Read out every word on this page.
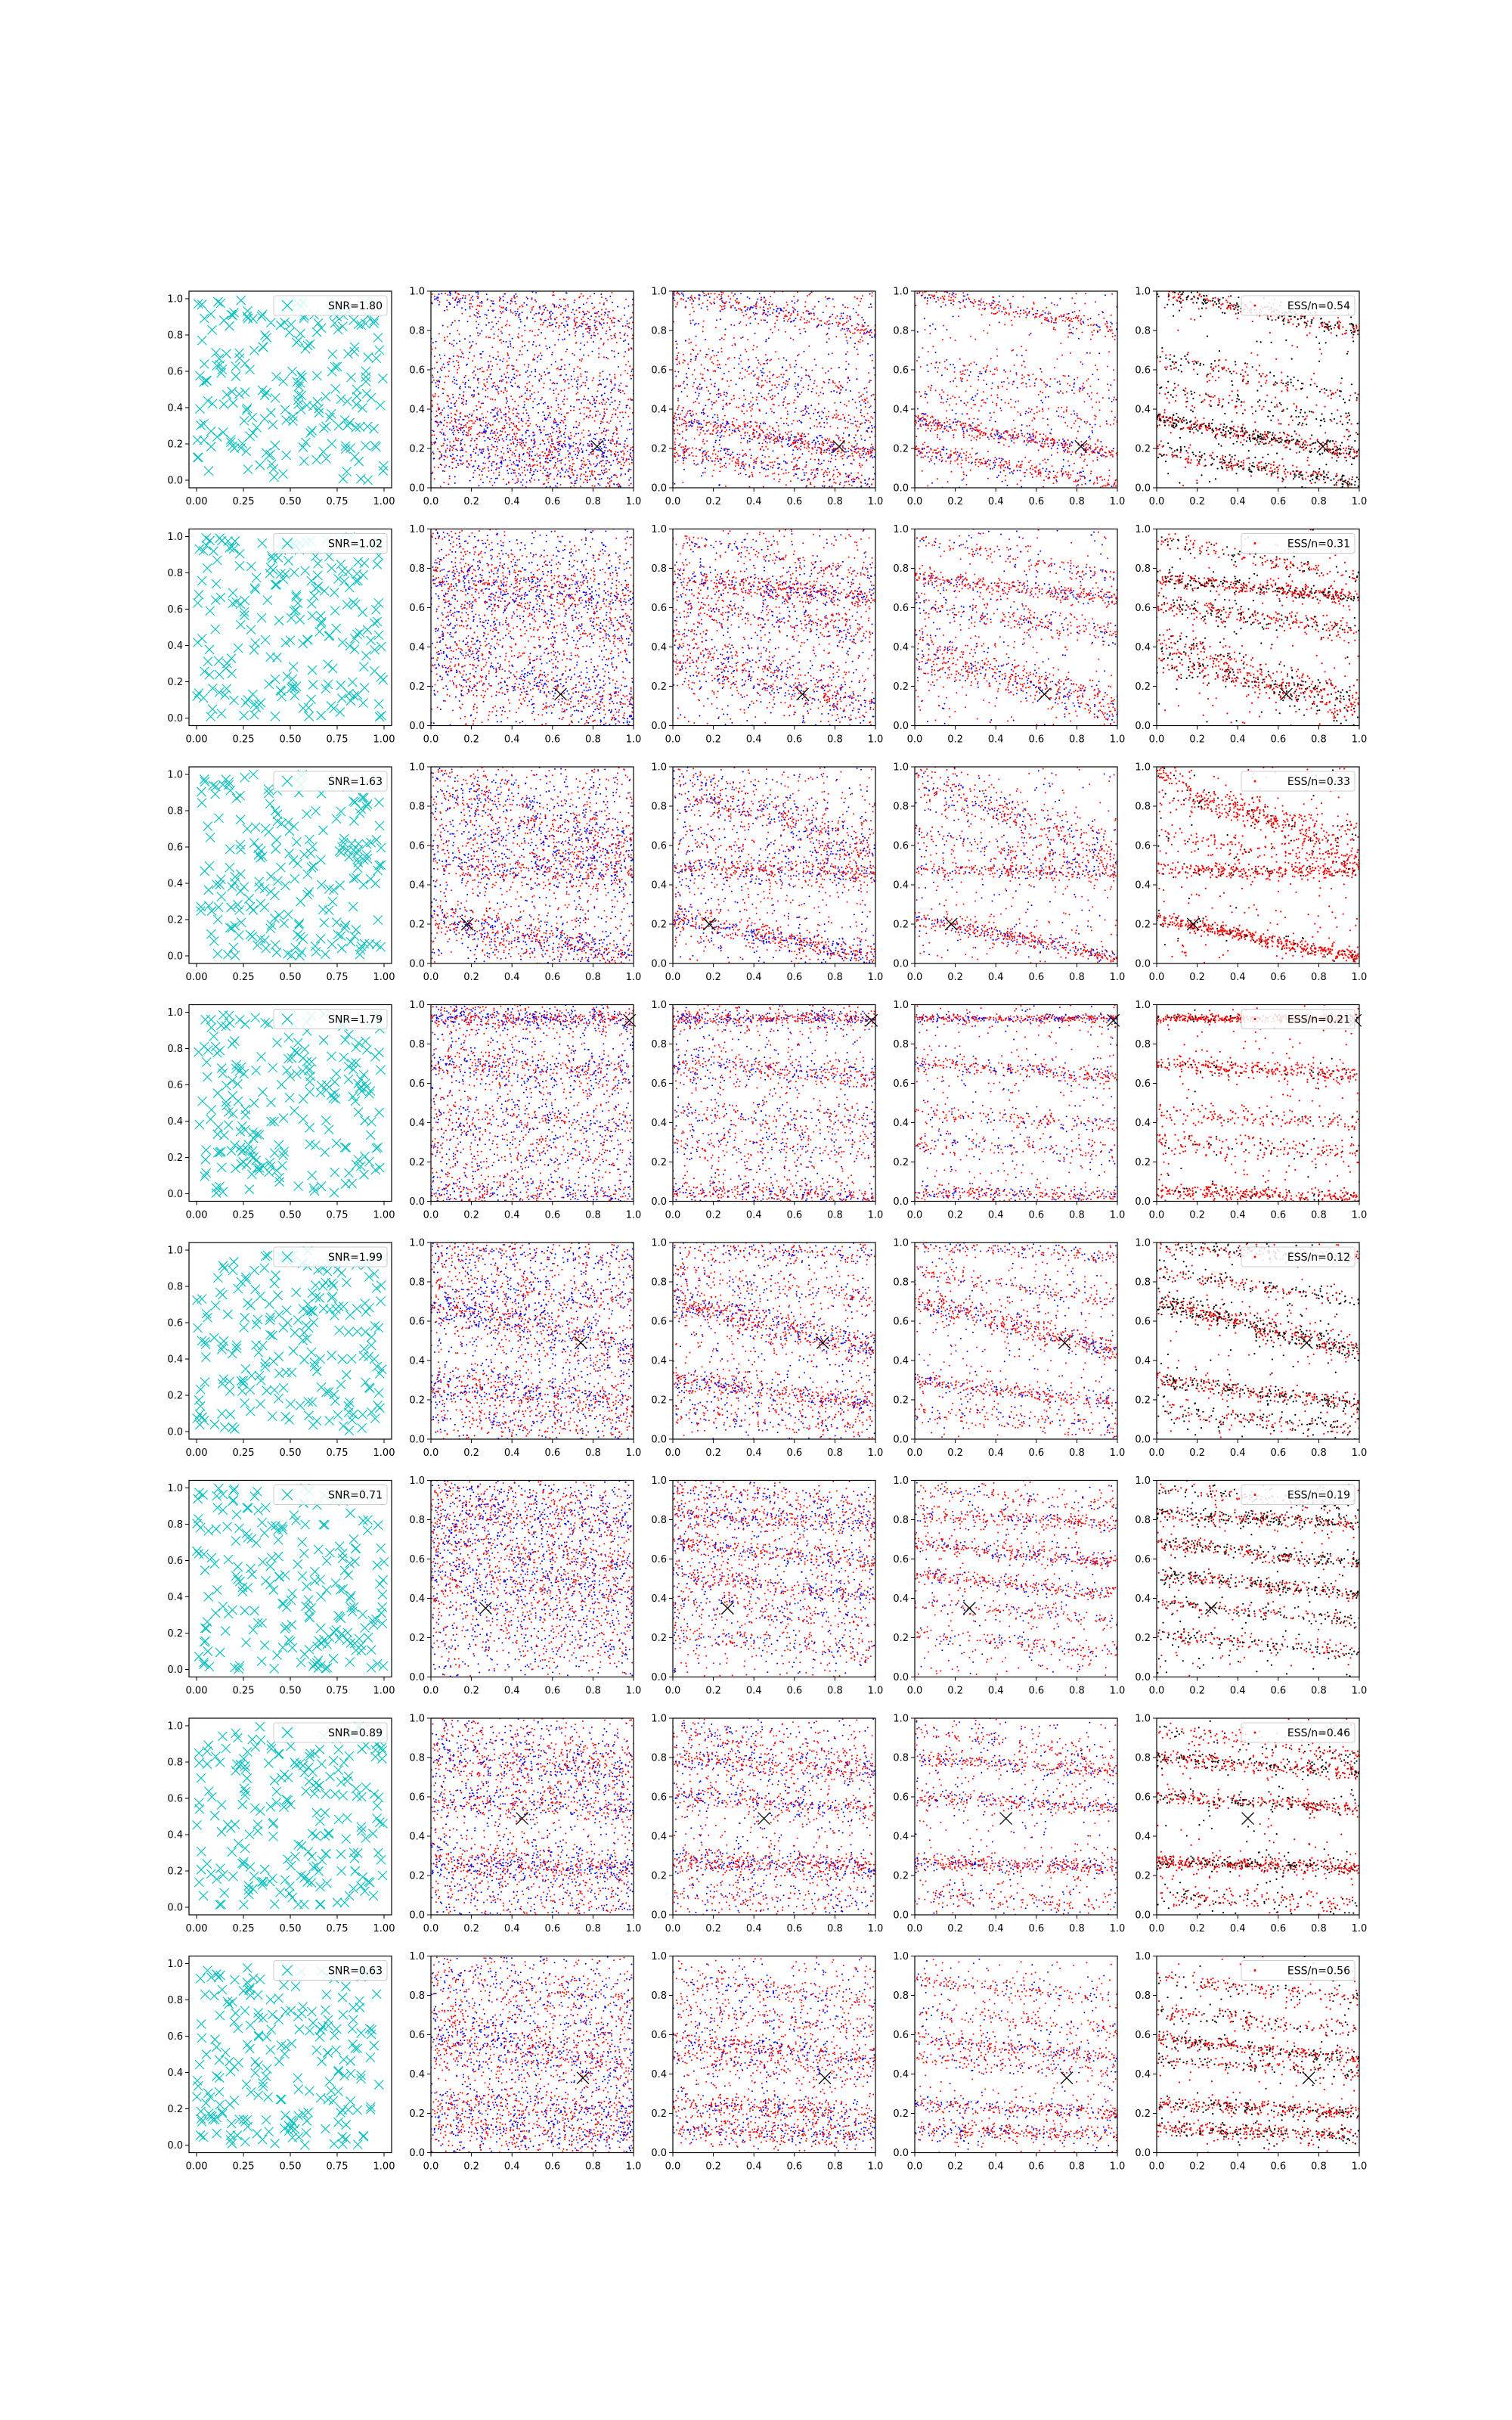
0.00	0.25	0.50	0.75	1.00
0.0
0.2
0.4
0.6
0.8
1.0
SNR=1.80
0.0	0.2	0.4	0.6	0.8	1.0
0.0
0.2
0.4
0.6
0.8
1.0
0.0	0.2	0.4	0.6	0.8	1.0
0.0
0.2
0.4
0.6
0.8
1.0
0.0	0.2	0.4	0.6	0.8	1.0
0.0
0.2
0.4
0.6
0.8
1.0
0.0	0.2	0.4	0.6	0.8	1.0
0.0
0.2
0.4
0.6
0.8
1.0
ESS/n=0.54
0.00	0.25	0.50	0.75	1.00
0.0
0.2
0.4
0.6
0.8
1.0
SNR=1.02
0.0	0.2	0.4	0.6	0.8	1.0
0.0
0.2
0.4
0.6
0.8
1.0
0.0	0.2	0.4	0.6	0.8	1.0
0.0
0.2
0.4
0.6
0.8
1.0
0.0	0.2	0.4	0.6	0.8	1.0
0.0
0.2
0.4
0.6
0.8
1.0
0.0	0.2	0.4	0.6	0.8	1.0
0.0
0.2
0.4
0.6
0.8
1.0
ESS/n=0.31
0.00	0.25	0.50	0.75	1.00
0.0
0.2
0.4
0.6
0.8
1.0
SNR=1.63
0.0	0.2	0.4	0.6	0.8	1.0
0.0
0.2
0.4
0.6
0.8
1.0
0.0	0.2	0.4	0.6	0.8	1.0
0.0
0.2
0.4
0.6
0.8
1.0
0.0	0.2	0.4	0.6	0.8	1.0
0.0
0.2
0.4
0.6
0.8
1.0
0.0	0.2	0.4	0.6	0.8	1.0
0.0
0.2
0.4
0.6
0.8
1.0
ESS/n=0.33
0.00	0.25	0.50	0.75	1.00
0.0
0.2
0.4
0.6
0.8
1.0
SNR=1.79
0.0	0.2	0.4	0.6	0.8	1.0
0.0
0.2
0.4
0.6
0.8
1.0
0.0	0.2	0.4	0.6	0.8	1.0
0.0
0.2
0.4
0.6
0.8
1.0
0.0	0.2	0.4	0.6	0.8	1.0
0.0
0.2
0.4
0.6
0.8
1.0
0.0	0.2	0.4	0.6	0.8	1.0
0.0
0.2
0.4
0.6
0.8
1.0
ESS/n=0.21
0.00	0.25	0.50	0.75	1.00
0.0
0.2
0.4
0.6
0.8
1.0
SNR=1.99
0.0	0.2	0.4	0.6	0.8	1.0
0.0
0.2
0.4
0.6
0.8
1.0
0.0	0.2	0.4	0.6	0.8	1.0
0.0
0.2
0.4
0.6
0.8
1.0
0.0	0.2	0.4	0.6	0.8	1.0
0.0
0.2
0.4
0.6
0.8
1.0
0.0	0.2	0.4	0.6	0.8	1.0
0.0
0.2
0.4
0.6
0.8
1.0
ESS/n=0.12
0.00	0.25	0.50	0.75	1.00
0.0
0.2
0.4
0.6
0.8
1.0
SNR=0.71
0.0	0.2	0.4	0.6	0.8	1.0
0.0
0.2
0.4
0.6
0.8
1.0
0.0	0.2	0.4	0.6	0.8	1.0
0.0
0.2
0.4
0.6
0.8
1.0
0.0	0.2	0.4	0.6	0.8	1.0
0.0
0.2
0.4
0.6
0.8
1.0
0.0	0.2	0.4	0.6	0.8	1.0
0.0
0.2
0.4
0.6
0.8
1.0
ESS/n=0.19
0.00	0.25	0.50	0.75	1.00
0.0
0.2
0.4
0.6
0.8
1.0
SNR=0.89
0.0	0.2	0.4	0.6	0.8	1.0
0.0
0.2
0.4
0.6
0.8
1.0
0.0	0.2	0.4	0.6	0.8	1.0
0.0
0.2
0.4
0.6
0.8
1.0
0.0	0.2	0.4	0.6	0.8	1.0
0.0
0.2
0.4
0.6
0.8
1.0
0.0	0.2	0.4	0.6	0.8	1.0
0.0
0.2
0.4
0.6
0.8
1.0
ESS/n=0.46
0.00	0.25	0.50	0.75	1.00
0.0
0.2
0.4
0.6
0.8
1.0
SNR=0.63
0.0	0.2	0.4	0.6	0.8	1.0
0.0
0.2
0.4
0.6
0.8
1.0
0.0	0.2	0.4	0.6	0.8	1.0
0.0
0.2
0.4
0.6
0.8
1.0
0.0	0.2	0.4	0.6	0.8	1.0
0.0
0.2
0.4
0.6
0.8
1.0
0.0	0.2	0.4	0.6	0.8	1.0
0.0
0.2
0.4
0.6
0.8
1.0
ESS/n=0.56
